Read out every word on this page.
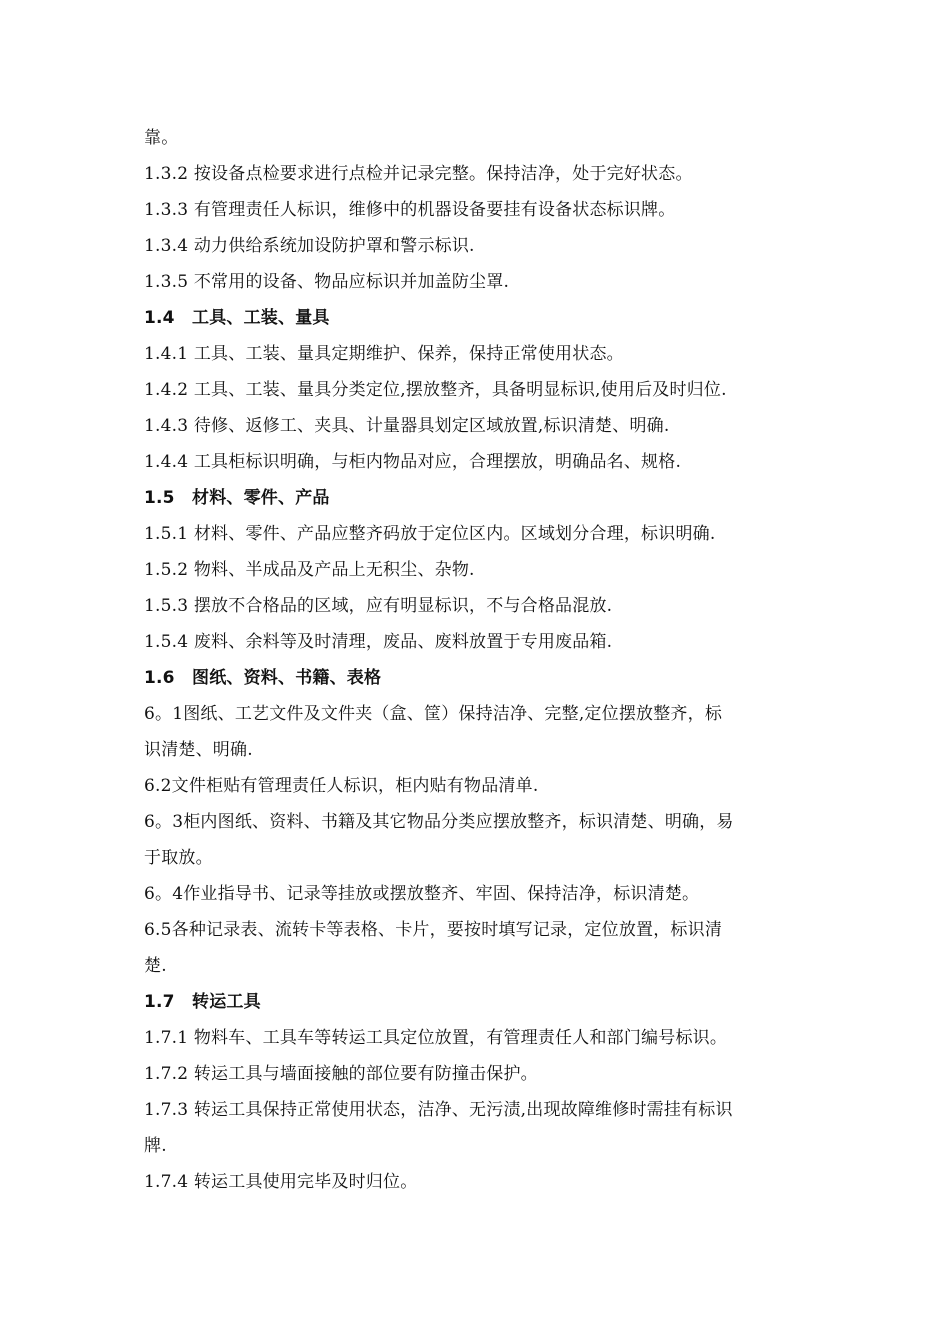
靠。
1.3.2 按设备点检要求进行点检并记录完整。保持洁净，处于完好状态。
1.3.3 有管理责任人标识，维修中的机器设备要挂有设备状态标识牌。
1.3.4 动力供给系统加设防护罩和警示标识.
1.3.5 不常用的设备、物品应标识并加盖防尘罩.
1.4 工具、工装、量具
1.4.1 工具、工装、量具定期维护、保养，保持正常使用状态。
1.4.2 工具、工装、量具分类定位,摆放整齐，具备明显标识,使用后及时归位.
1.4.3 待修、返修工、夹具、计量器具划定区域放置,标识清楚、明确.
1.4.4 工具柜标识明确，与柜内物品对应，合理摆放，明确品名、规格.
1.5 材料、零件、产品
1.5.1 材料、零件、产品应整齐码放于定位区内。区域划分合理，标识明确.
1.5.2 物料、半成品及产品上无积尘、杂物.
1.5.3 摆放不合格品的区域，应有明显标识，不与合格品混放.
1.5.4 废料、余料等及时清理，废品、废料放置于专用废品箱.
1.6 图纸、资料、书籍、表格
6。1图纸、工艺文件及文件夹（盒、筐）保持洁净、完整,定位摆放整齐，标
识清楚、明确.
6.2文件柜贴有管理责任人标识，柜内贴有物品清单.
6。3柜内图纸、资料、书籍及其它物品分类应摆放整齐，标识清楚、明确，易
于取放。
6。4作业指导书、记录等挂放或摆放整齐、牢固、保持洁净，标识清楚。
6.5各种记录表、流转卡等表格、卡片，要按时填写记录，定位放置，标识清
楚.
1.7 转运工具
1.7.1 物料车、工具车等转运工具定位放置，有管理责任人和部门编号标识。
1.7.2 转运工具与墙面接触的部位要有防撞击保护。
1.7.3 转运工具保持正常使用状态，洁净、无污渍,出现故障维修时需挂有标识
牌.
1.7.4 转运工具使用完毕及时归位。
